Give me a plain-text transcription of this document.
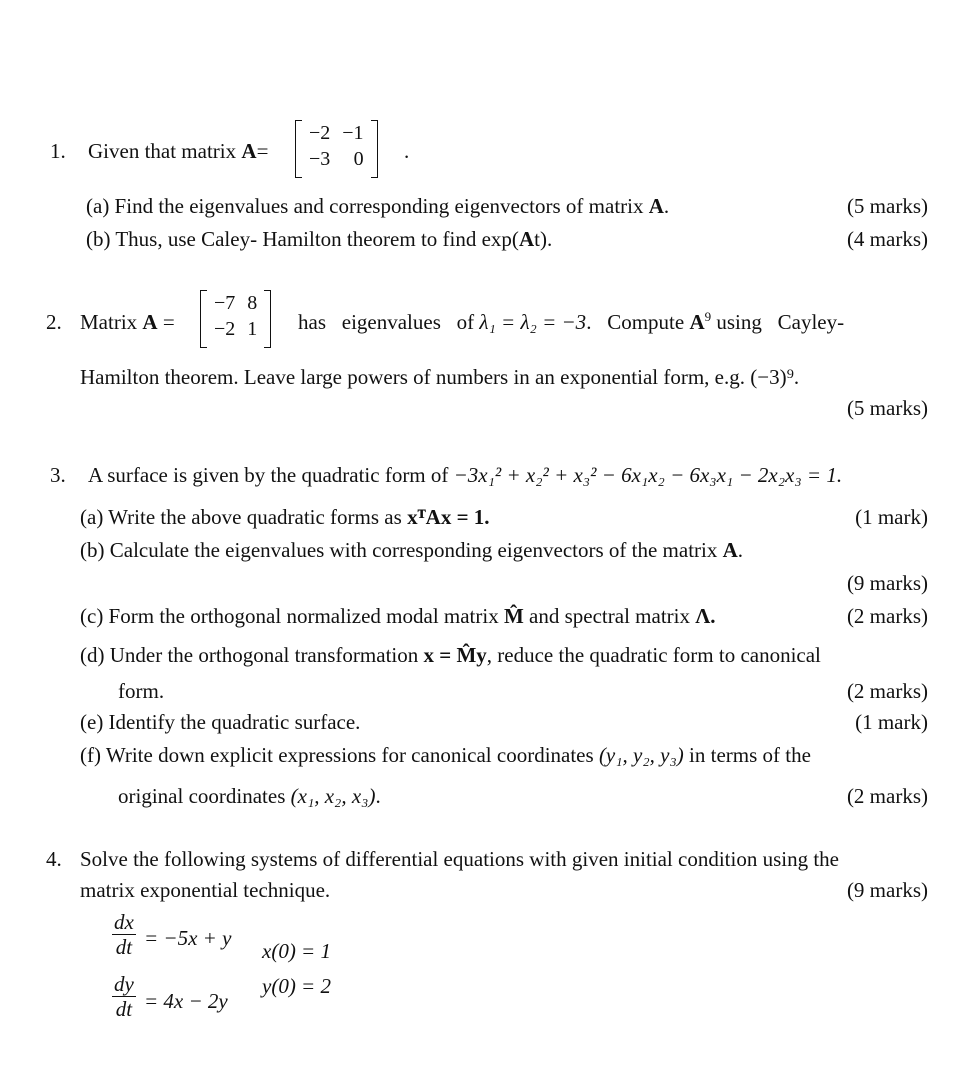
1. Given that matrix A=
−2	−1
−3	0 .
(a) Find the eigenvalues and corresponding eigenvectors of matrix A.	(5 marks)
(b) Thus, use Caley- Hamilton theorem to find exp(At).	(4 marks)
2. Matrix A =
−7	8
−2	1 has   eigenvalues   of λ₁ = λ₂ = −3.   Compute $A^9$ using   Cayley-
Hamilton theorem. Leave large powers of numbers in an exponential form, e.g. (−3)⁹.
(5 marks)
3. A surface is given by the quadratic form of −3x₁² + x₂² + x₃² − 6x₁x₂ − 6x₃x₁ − 2x₂x₃ = 1.
(a) Write the above quadratic forms as xᵀAx = 1.	(1 mark)
(b) Calculate the eigenvalues with corresponding eigenvectors of the matrix A.
(9 marks)
(c) Form the orthogonal normalized modal matrix M̂ and spectral matrix Λ.	(2 marks)
(d) Under the orthogonal transformation x = M̂y, reduce the quadratic form to canonical
form.	(2 marks)
(e) Identify the quadratic surface.	(1 mark)
(f) Write down explicit expressions for canonical coordinates (y₁, y₂, y₃) in terms of the
original coordinates (x₁, x₂, x₃).	(2 marks)
4. Solve the following systems of differential equations with given initial condition using the
matrix exponential technique.	(9 marks)
$\frac{dx}{dt} = -5x + y$
x(0) = 1
$\frac{dy}{dt} = 4x - 2y$
y(0) = 2
